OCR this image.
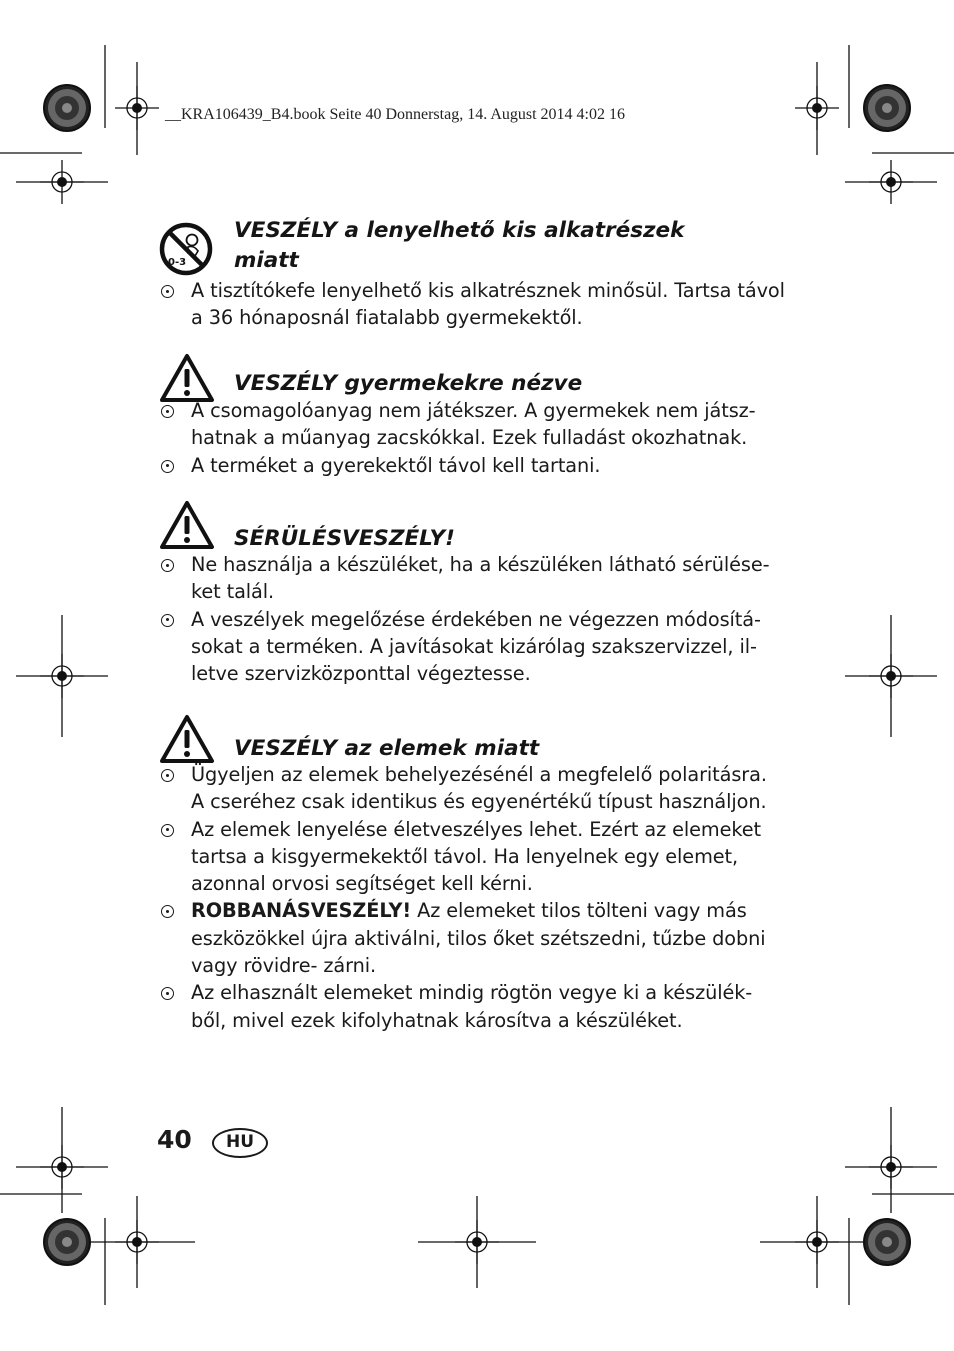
__KRA106439_B4.book Seite 40 Donnerstag, 14. August 2014 4:02 16
0-3
VESZÉLY a lenyelhető kis alkatrészek
miatt
A tisztítókefe lenyelhető kis alkatrésznek minősül. Tartsa távol
a 36 hónaposnál fiatalabb gyermekektől.
VESZÉLY gyermekekre nézve
A csomagolóanyag nem játékszer. A gyermekek nem játsz-
hatnak a műanyag zacskókkal. Ezek fulladást okozhatnak.
A terméket a gyerekektől távol kell tartani.
SÉRÜLÉSVESZÉLY!
Ne használja a készüléket, ha a készüléken látható sérülése-
ket talál.
A veszélyek megelőzése érdekében ne végezzen módosítá-
sokat a terméken. A javításokat kizárólag szakszervizzel, il-
letve szervizközponttal végeztesse.
VESZÉLY az elemek miatt
Ügyeljen az elemek behelyezésénél a megfelelő polaritásra.
A cseréhez csak identikus és egyenértékű típust használjon.
Az elemek lenyelése életveszélyes lehet. Ezért az elemeket
tartsa a kisgyermekektől távol. Ha lenyelnek egy elemet,
azonnal orvosi segítséget kell kérni.
ROBBANÁSVESZÉLY! Az elemeket tilos tölteni vagy más
eszközökkel újra aktiválni, tilos őket szétszedni, tűzbe dobni
vagy rövidre- zárni.
Az elhasznált elemeket mindig rögtön vegye ki a készülék-
ből, mivel ezek kifolyhatnak károsítva a készüléket.
40	HU
